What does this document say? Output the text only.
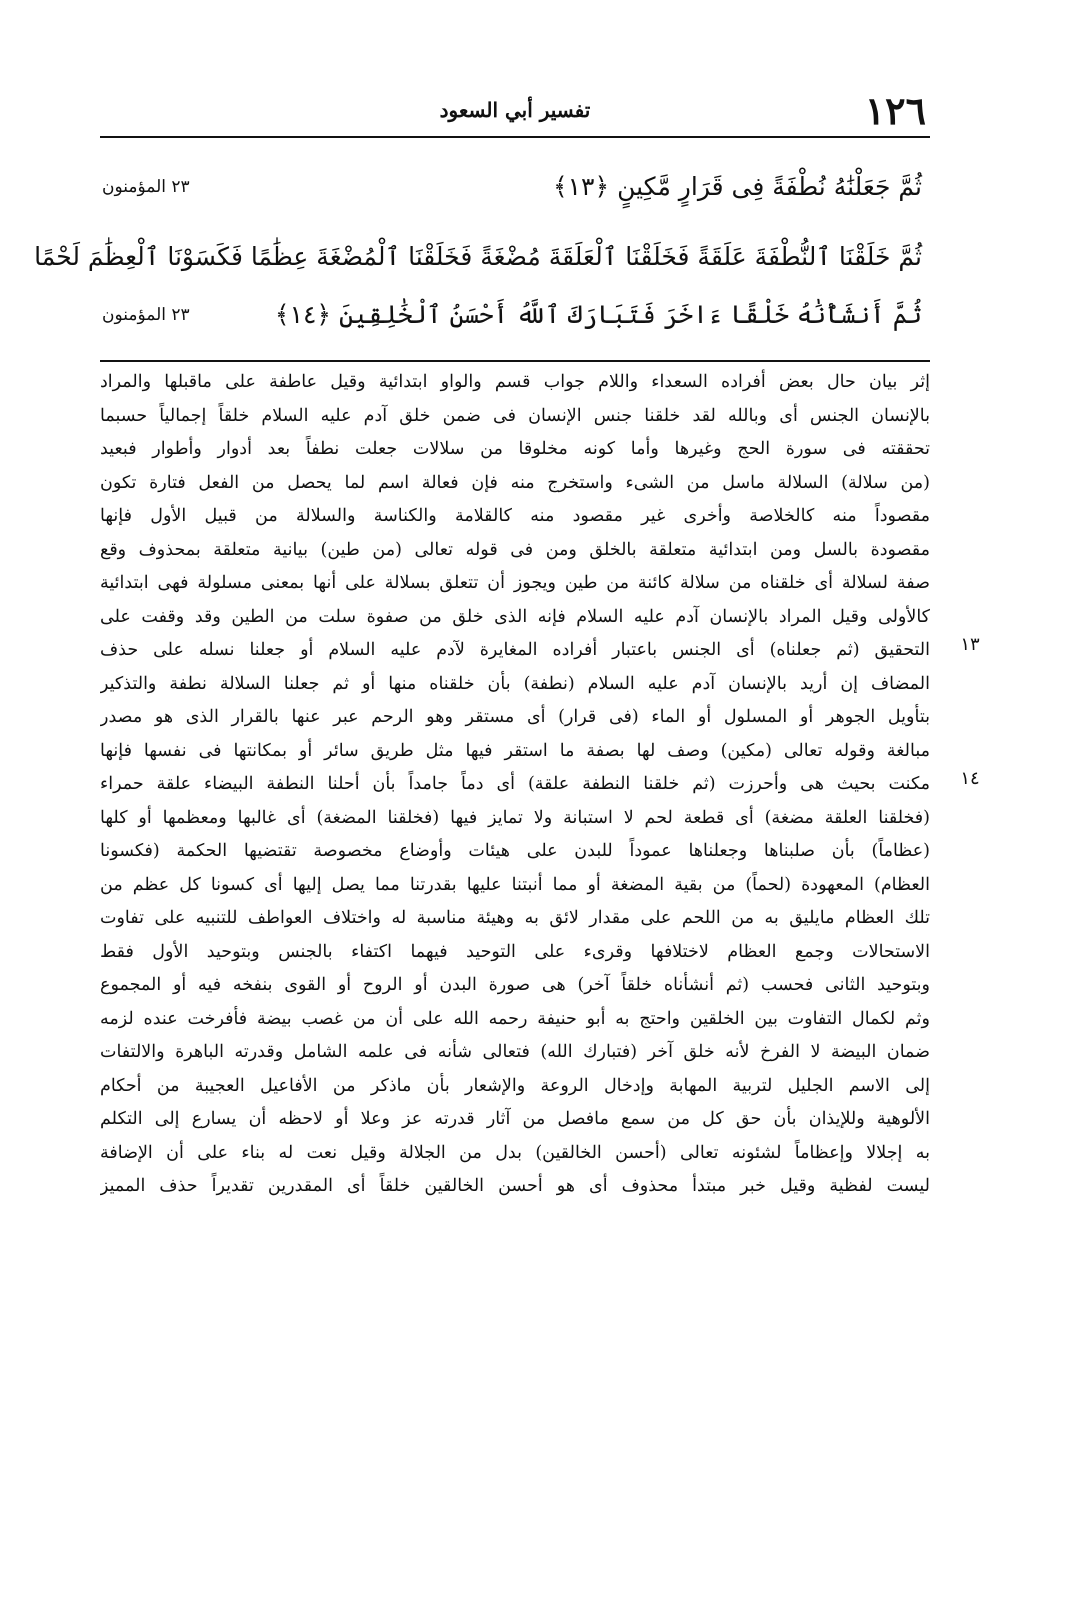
١٢٦
تفسير أبي السعود
ثُمَّ جَعَلْنَٰهُ نُطْفَةً فِى قَرَارٍ مَّكِينٍ ﴿١٣﴾
٢٣ المؤمنون
ثُمَّ خَلَقْنَا ٱلنُّطْفَةَ عَلَقَةً فَخَلَقْنَا ٱلْعَلَقَةَ مُضْغَةً فَخَلَقْنَا ٱلْمُضْغَةَ عِظَٰمًا فَكَسَوْنَا ٱلْعِظَٰمَ لَحْمًا
ثُمَّ أَنشَأْنَٰهُ خَلْقًا ءَاخَرَ فَتَبَارَكَ ٱللَّهُ أَحْسَنُ ٱلْخَٰلِقِينَ ﴿١٤﴾
٢٣ المؤمنون
إثر بيان حال بعض أفراده السعداء واللام جواب قسم والواو ابتدائية وقيل عاطفة على ماقبلها والمراد
بالإنسان الجنس أى وبالله لقد خلقنا جنس الإنسان فى ضمن خلق آدم عليه السلام خلقاً إجمالياً حسبما
تحققته فى سورة الحج وغيرها وأما كونه مخلوقا من سلالات جعلت نطفاً بعد أدوار وأطوار فبعيد
(من سلالة) السلالة ماسل من الشىء واستخرج منه فإن فعالة اسم لما يحصل من الفعل فتارة تكون
مقصوداً منه كالخلاصة وأخرى غير مقصود منه كالقلامة والكناسة والسلالة من قبيل الأول فإنها
مقصودة بالسل ومن ابتدائية متعلقة بالخلق ومن فى قوله تعالى (من طين) بيانية متعلقة بمحذوف وقع
صفة لسلالة أى خلقناه من سلالة كائنة من طين ويجوز أن تتعلق بسلالة على أنها بمعنى مسلولة فهى ابتدائية
كالأولى وقيل المراد بالإنسان آدم عليه السلام فإنه الذى خلق من صفوة سلت من الطين وقد وقفت على
التحقيق (ثم جعلناه) أى الجنس باعتبار أفراده المغايرة لآدم عليه السلام أو جعلنا نسله على حذف	١٣
المضاف إن أريد بالإنسان آدم عليه السلام (نطفة) بأن خلقناه منها أو ثم جعلنا السلالة نطفة والتذكير
بتأويل الجوهر أو المسلول أو الماء (فى قرار) أى مستقر وهو الرحم عبر عنها بالقرار الذى هو مصدر
مبالغة وقوله تعالى (مكين) وصف لها بصفة ما استقر فيها مثل طريق سائر أو بمكانتها فى نفسها فإنها
مكنت بحيث هى وأحرزت (ثم خلقنا النطفة علقة) أى دماً جامداً بأن أحلنا النطفة البيضاء علقة حمراء	١٤
(فخلقنا العلقة مضغة) أى قطعة لحم لا استبانة ولا تمايز فيها (فخلقنا المضغة) أى غالبها ومعظمها أو كلها
(عظاماً) بأن صلبناها وجعلناها عموداً للبدن على هيئات وأوضاع مخصوصة تقتضيها الحكمة (فكسونا
العظام) المعهودة (لحماً) من بقية المضغة أو مما أنبتنا عليها بقدرتنا مما يصل إليها أى كسونا كل عظم من
تلك العظام مايليق به من اللحم على مقدار لائق به وهيئة مناسبة له واختلاف العواطف للتنبيه على تفاوت
الاستحالات وجمع العظام لاختلافها وقرىء على التوحيد فيهما اكتفاء بالجنس وبتوحيد الأول فقط
وبتوحيد الثانى فحسب (ثم أنشأناه خلقاً آخر) هى صورة البدن أو الروح أو القوى بنفخه فيه أو المجموع
وثم لكمال التفاوت بين الخلقين واحتج به أبو حنيفة رحمه الله على أن من غصب بيضة فأفرخت عنده لزمه
ضمان البيضة لا الفرخ لأنه خلق آخر (فتبارك الله) فتعالى شأنه فى علمه الشامل وقدرته الباهرة والالتفات
إلى الاسم الجليل لتربية المهابة وإدخال الروعة والإشعار بأن ماذكر من الأفاعيل العجيبة من أحكام
الألوهية وللإيذان بأن حق كل من سمع مافصل من آثار قدرته عز وعلا أو لاحظه أن يسارع إلى التكلم
به إجلالا وإعظاماً لشئونه تعالى (أحسن الخالقين) بدل من الجلالة وقيل نعت له بناء على أن الإضافة
ليست لفظية وقيل خبر مبتدأ محذوف أى هو أحسن الخالقين خلقاً أى المقدرين تقديراً حذف المميز
